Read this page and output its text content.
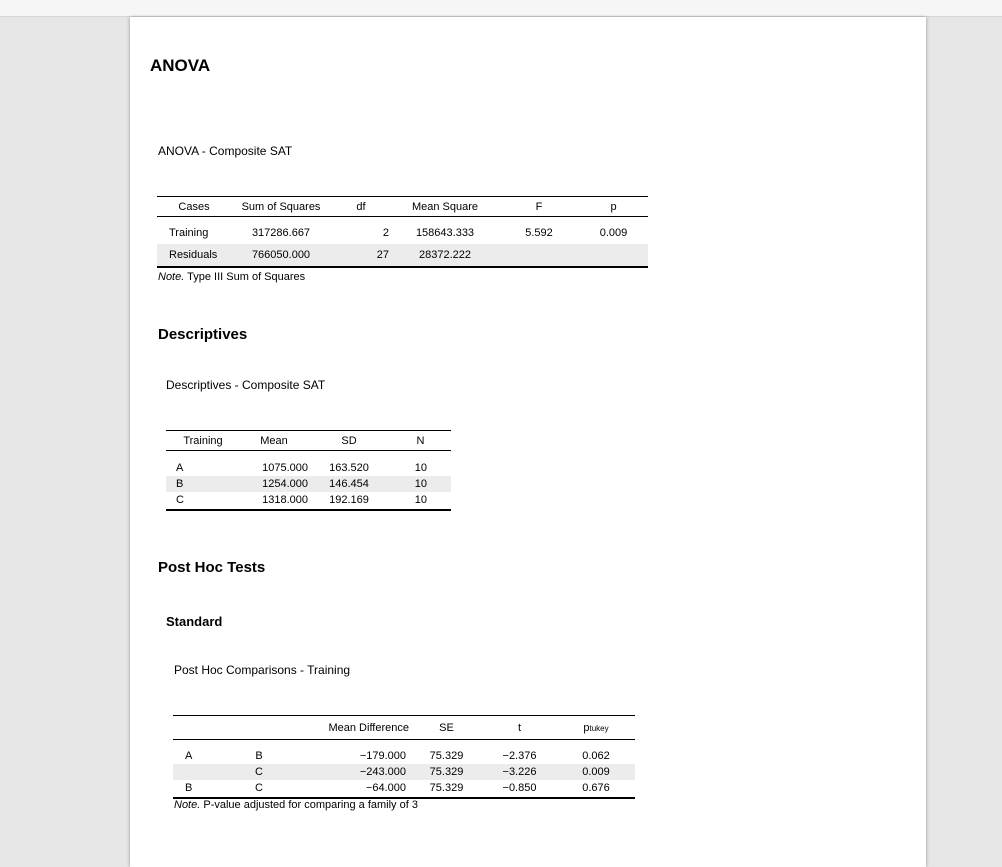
ANOVA
ANOVA - Composite SAT
Cases	Sum of Squares	df	Mean Square	F	p

Training	317286.667	2	158643.333	5.592	0.009
Residuals	766050.000	27	28372.222		
Note. Type III Sum of Squares
Descriptives
Descriptives - Composite SAT
Training	Mean	SD	N

A	1075.000	163.520	10
B	1254.000	146.454	10
C	1318.000	192.169	10
Post Hoc Tests
Standard
Post Hoc Comparisons - Training
		Mean Difference	SE	t	ptukey

A	B	−179.000	75.329	−2.376	0.062
	C	−243.000	75.329	−3.226	0.009
B	C	−64.000	75.329	−0.850	0.676
Note. P-value adjusted for comparing a family of 3
